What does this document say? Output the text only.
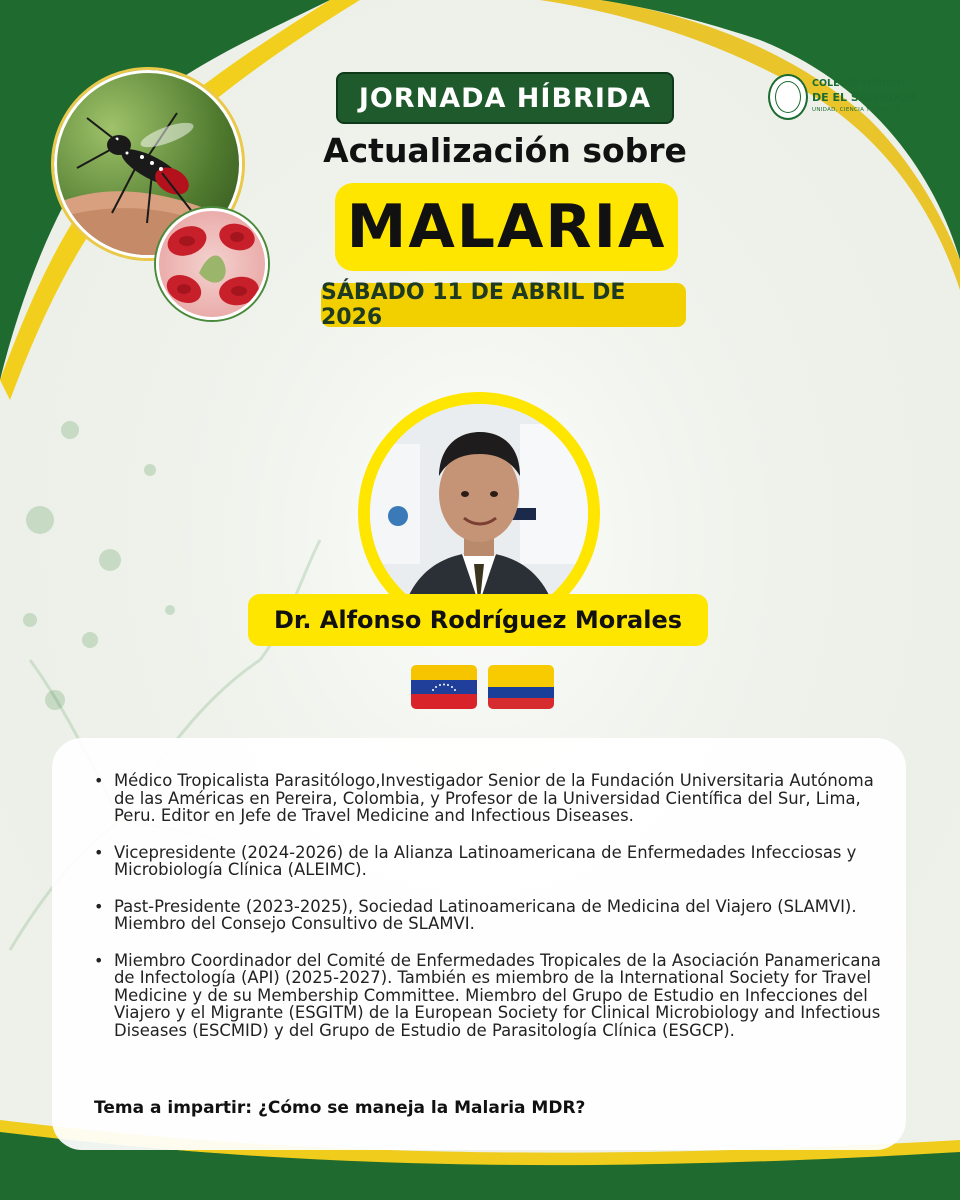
COLEGIO MÉDICO
DE EL SALVADOR
UNIDAD, CIENCIA Y SERVICIO
JORNADA HÍBRIDA
Actualización sobre
MALARIA
SÁBADO 11 DE ABRIL DE 2026
Dr. Alfonso Rodríguez Morales
• Médico Tropicalista Parasitólogo,Investigador Senior de la Fundación Universitaria Autónoma de las Américas en Pereira, Colombia, y Profesor de la Universidad Científica del Sur, Lima, Peru. Editor en Jefe de Travel Medicine and Infectious Diseases.
• Vicepresidente (2024-2026) de la Alianza Latinoamericana de Enfermedades Infecciosas y Microbiología Clínica (ALEIMC).
• Past-Presidente (2023-2025), Sociedad Latinoamericana de Medicina del Viajero (SLAMVI). Miembro del Consejo Consultivo de SLAMVI.
• Miembro Coordinador del Comité de Enfermedades Tropicales de la Asociación Panamericana de Infectología (API) (2025-2027). También es miembro de la International Society for Travel Medicine y de su Membership Committee. Miembro del Grupo de Estudio en Infecciones del Viajero y el Migrante (ESGITM) de la European Society for Clinical Microbiology and Infectious Diseases (ESCMID) y del Grupo de Estudio de Parasitología Clínica (ESGCP).
Tema a impartir: ¿Cómo se maneja la Malaria MDR?
